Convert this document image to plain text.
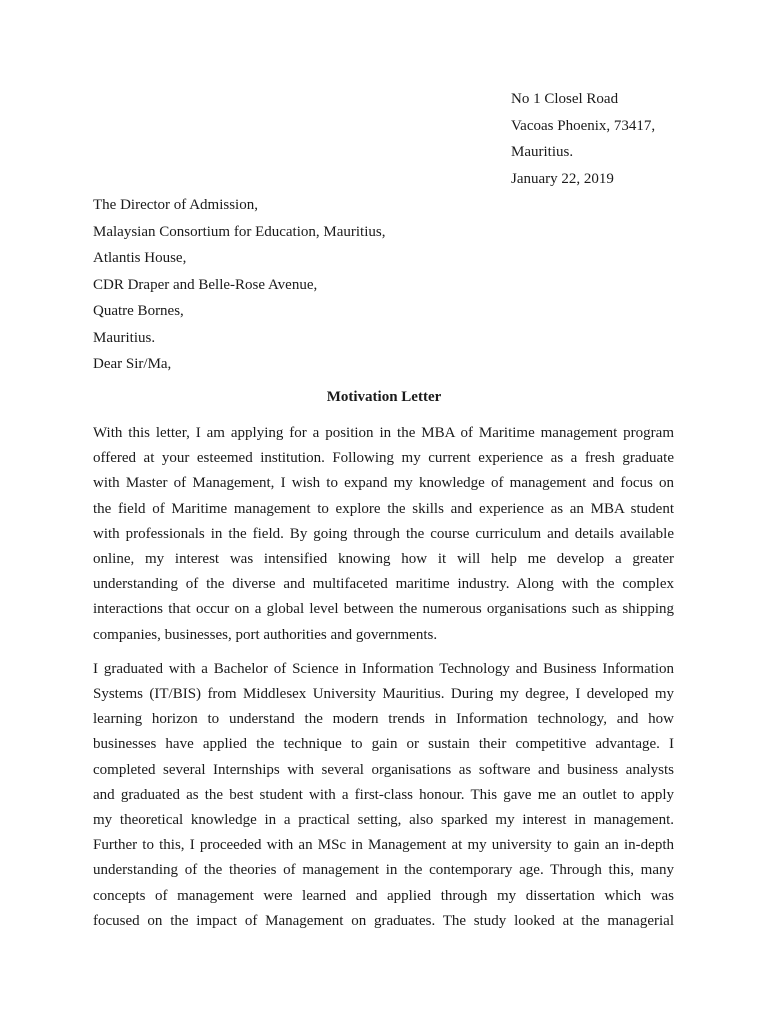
No 1 Closel Road
Vacoas Phoenix, 73417,
Mauritius.
January 22, 2019
The Director of Admission,
Malaysian Consortium for Education, Mauritius,
Atlantis House,
CDR Draper and Belle-Rose Avenue,
Quatre Bornes,
Mauritius.
Dear Sir/Ma,
Motivation Letter
With this letter, I am applying for a position in the MBA of Maritime management program
offered at your esteemed institution. Following my current experience as a fresh graduate
with Master of Management, I wish to expand my knowledge of management and focus on
the field of Maritime management to explore the skills and experience as an MBA student
with professionals in the field. By going through the course curriculum and details available
online, my interest was intensified knowing how it will help me develop a greater
understanding of the diverse and multifaceted maritime industry. Along with the complex
interactions that occur on a global level between the numerous organisations such as shipping
companies, businesses, port authorities and governments.
I graduated with a Bachelor of Science in Information Technology and Business Information
Systems (IT/BIS) from Middlesex University Mauritius. During my degree, I developed my
learning horizon to understand the modern trends in Information technology, and how
businesses have applied the technique to gain or sustain their competitive advantage. I
completed several Internships with several organisations as software and business analysts
and graduated as the best student with a first-class honour. This gave me an outlet to apply
my theoretical knowledge in a practical setting, also sparked my interest in management.
Further to this, I proceeded with an MSc in Management at my university to gain an in-depth
understanding of the theories of management in the contemporary age. Through this, many
concepts of management were learned and applied through my dissertation which was
focused on the impact of Management on graduates. The study looked at the managerial
